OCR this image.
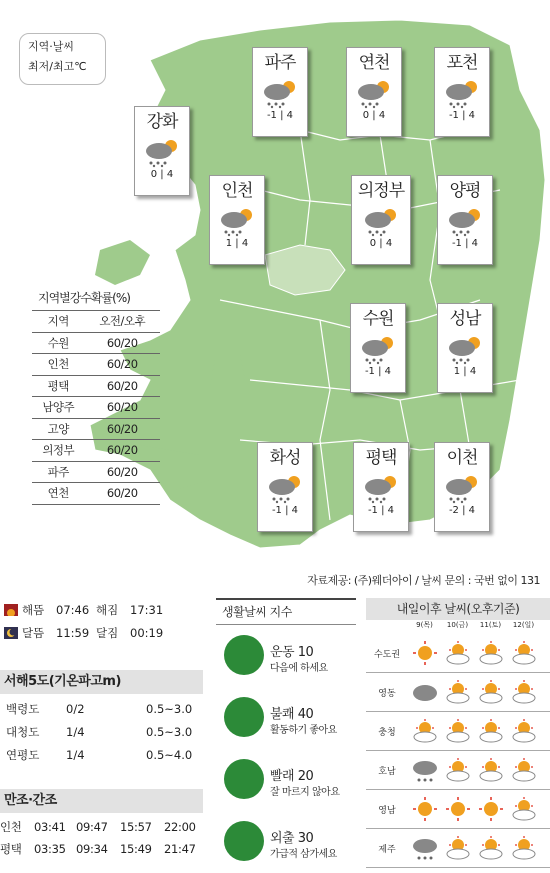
지역·날씨
최저/최고℃	파주
-1 | 4
연천
0 | 4
포천
-1 | 4
강화
0 | 4
인천
1 | 4
의정부
0 | 4
양평
-1 | 4
수원
-1 | 4
성남
1 | 4
화성
-1 | 4
평택
-1 | 4
이천
-2 | 4
지역별강수확률(%)
지역	오전/오후
수원	60/20
인천	60/20
평택	60/20
남양주	60/20
고양	60/20
의정부	60/20
파주	60/20
연천	60/20
자료제공: (주)웨더아이 / 날씨 문의 : 국번 없이 131
해뜸	07:46 해짐	17:31
달뜸	11:59 달짐	00:19
서해5도(기온파고m)
백령도	0/2	0.5~3.0
대청도	1/4	0.5~3.0
연평도	1/4	0.5~4.0
만조·간조
인천	03:41 09:47	15:57	22:00
평택	03:35 09:34	15:49	21:47
생활날씨 지수
운동 10
다음에 하세요
불쾌 40
활동하기 좋아요
빨래 20
잘 마르지 않아요
외출 30
가급적 삼가세요
내일이후 날씨(오후기준)
9(목)	10(금)	11(토)	12(일)
수도권
영동
충청
호남
영남
제주
